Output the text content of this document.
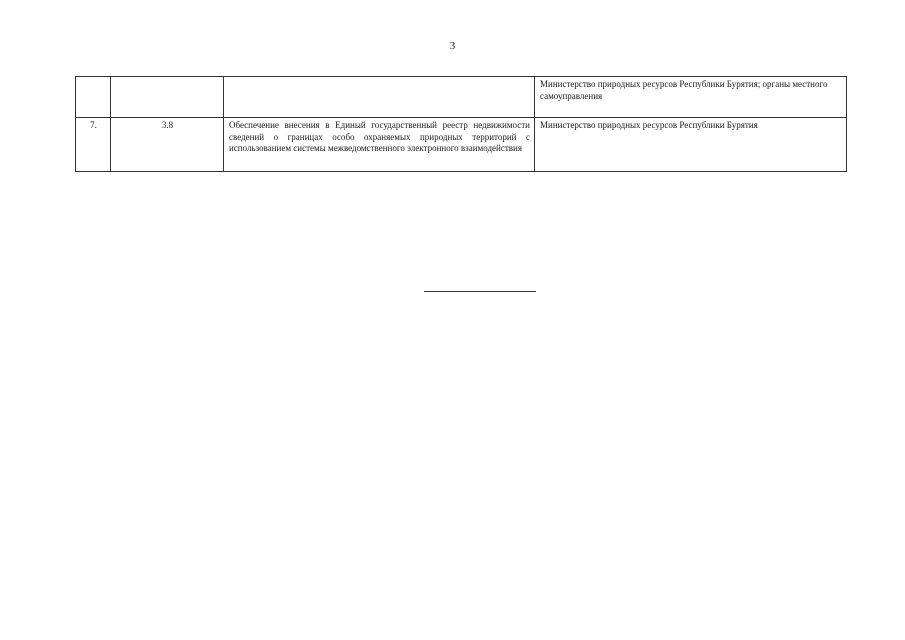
3
			Министерство природных ресурсов Республики Бурятия; органы местного самоуправления
7.	3.8	Обеспечение внесения в Единый государственный реестр недвижимости сведений о границах особо охраняемых природных территорий с использованием системы межведомственного электронного взаимодействия	Министерство природных ресурсов Республики Бурятия
